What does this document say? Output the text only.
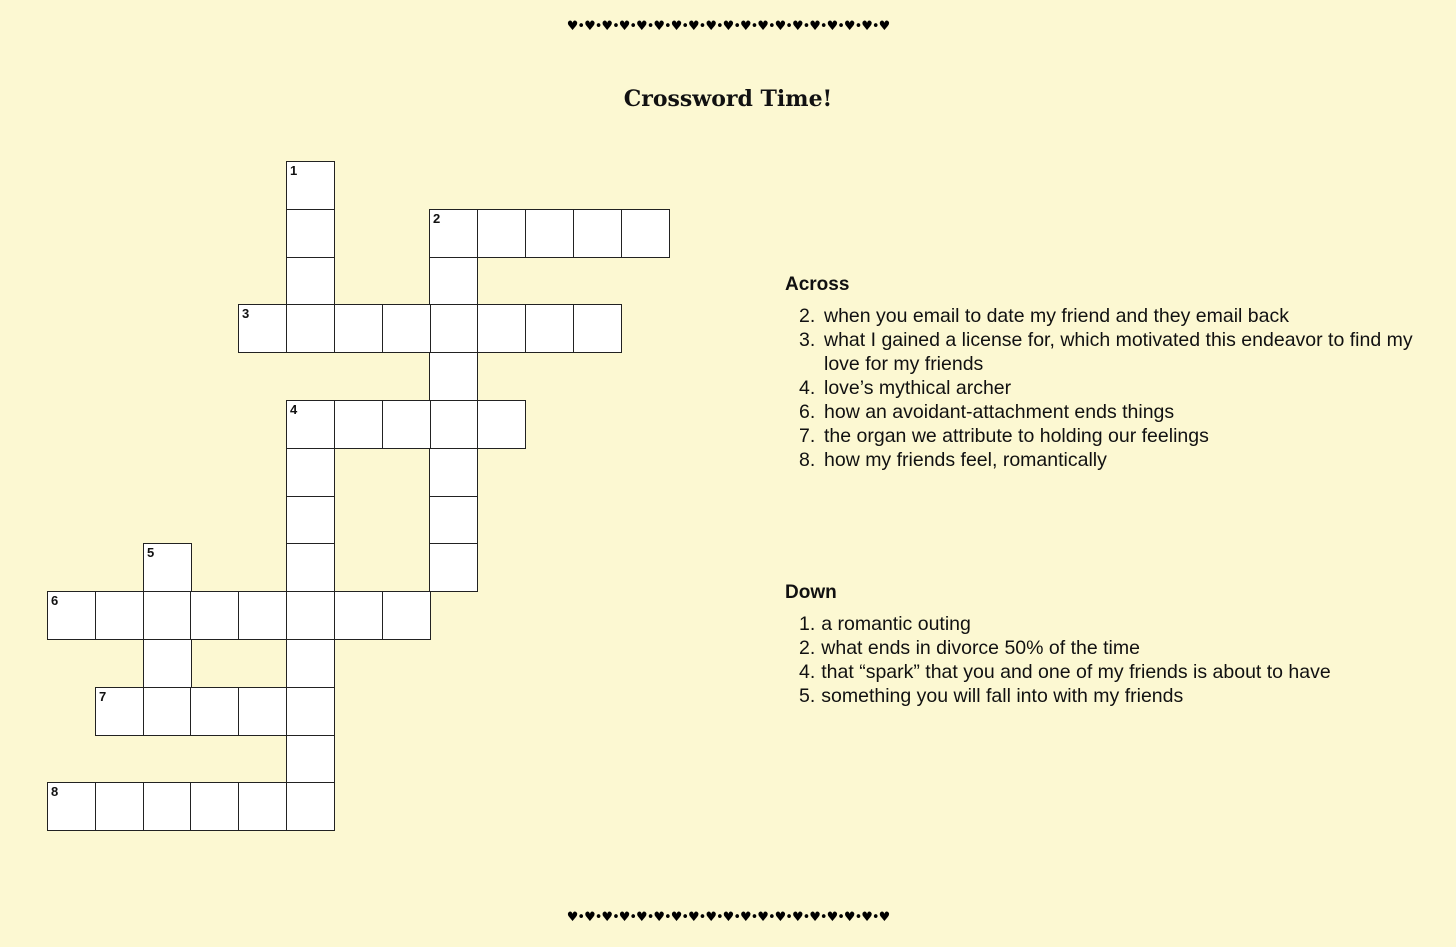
♥•♥•♥•♥•♥•♥•♥•♥•♥•♥•♥•♥•♥•♥•♥•♥•♥•♥•♥
Crossword Time!
1
2
3
4
5
6
7
8
Across
2. when you email to date my friend and they email back
3. what I gained a license for, which motivated this endeavor to find my love for my friends
4. love’s mythical archer
6. how an avoidant-attachment ends things
7. the organ we attribute to holding our feelings
8. how my friends feel, romantically
Down
1. a romantic outing
2. what ends in divorce 50% of the time
4. that “spark” that you and one of my friends is about to have
5. something you will fall into with my friends
♥•♥•♥•♥•♥•♥•♥•♥•♥•♥•♥•♥•♥•♥•♥•♥•♥•♥•♥
